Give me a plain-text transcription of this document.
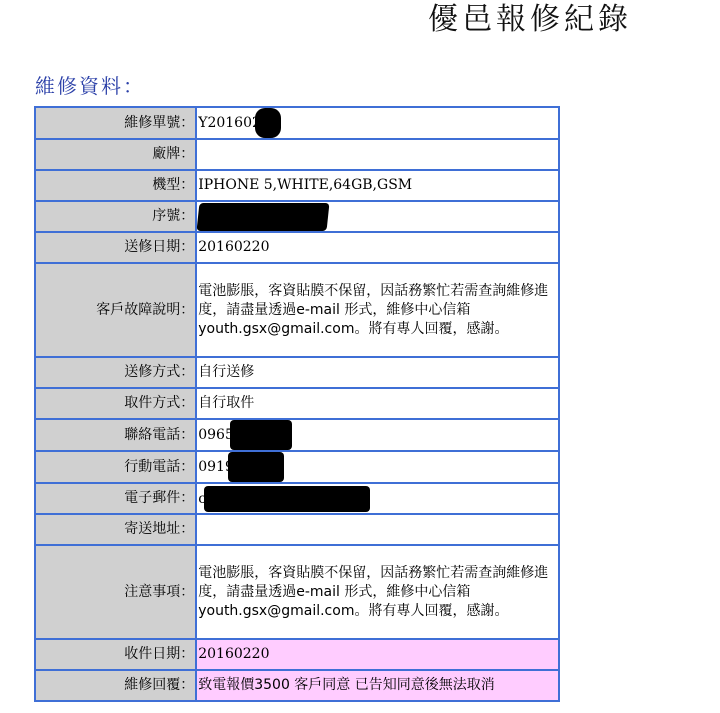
優邑報修紀錄
維修資料：
維修單號：	Y201602
廠牌：	
機型：	IPHONE 5,WHITE,64GB,GSM
序號：	
送修日期：	20160220
客戶故障說明：	電池膨脹，客資貼膜不保留，因話務繁忙若需查詢維修進度，請盡量透過e-mail 形式，維修中心信箱youth.gsx@gmail.com。將有專人回覆，感謝。
送修方式：	自行送修
取件方式：	自行取件
聯絡電話：	0965
行動電話：	0919
電子郵件：	c
寄送地址：	
注意事項：	電池膨脹，客資貼膜不保留，因話務繁忙若需查詢維修進度，請盡量透過e-mail 形式，維修中心信箱youth.gsx@gmail.com。將有專人回覆，感謝。
收件日期：	20160220
維修回覆：	致電報價3500 客戶同意 已告知同意後無法取消
